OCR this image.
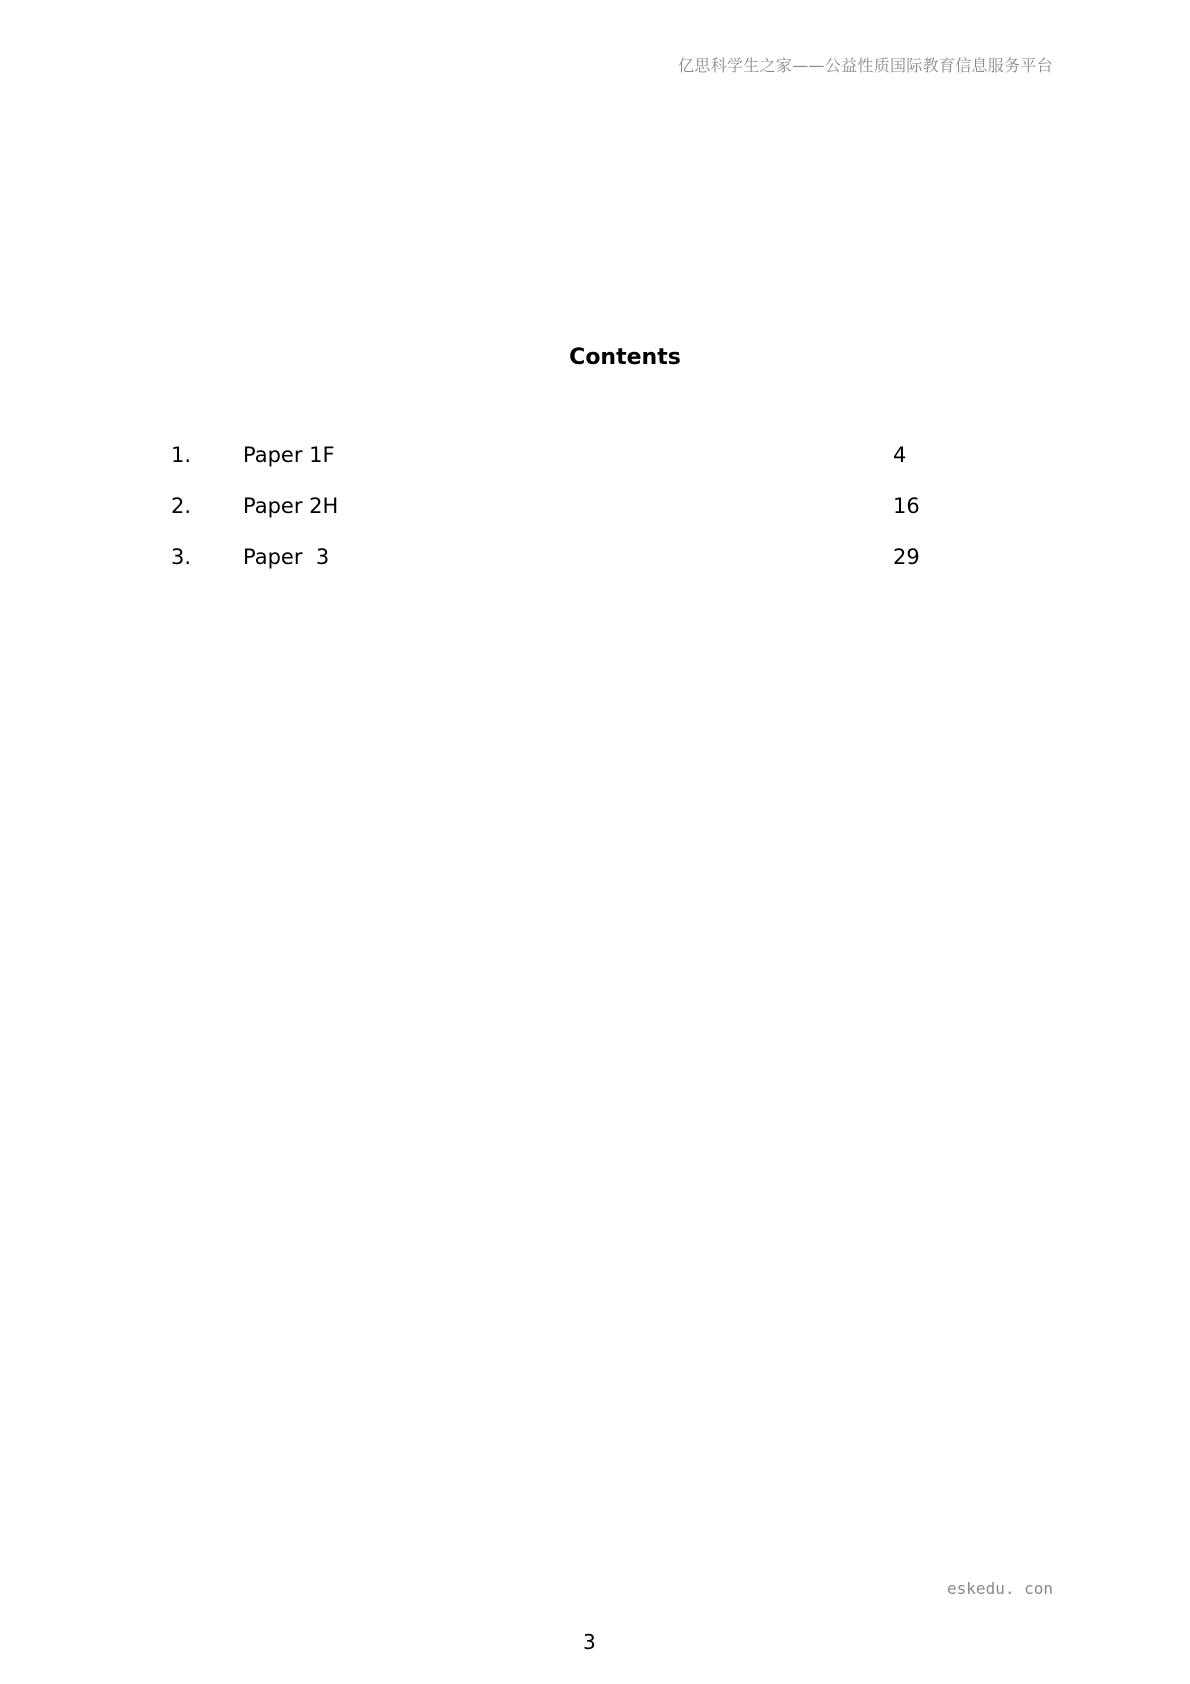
亿思科学生之家——公益性质国际教育信息服务平台
Contents
1. Paper 1F	4
2. Paper 2H	16
3. Paper  3	29
eskedu. con
3
